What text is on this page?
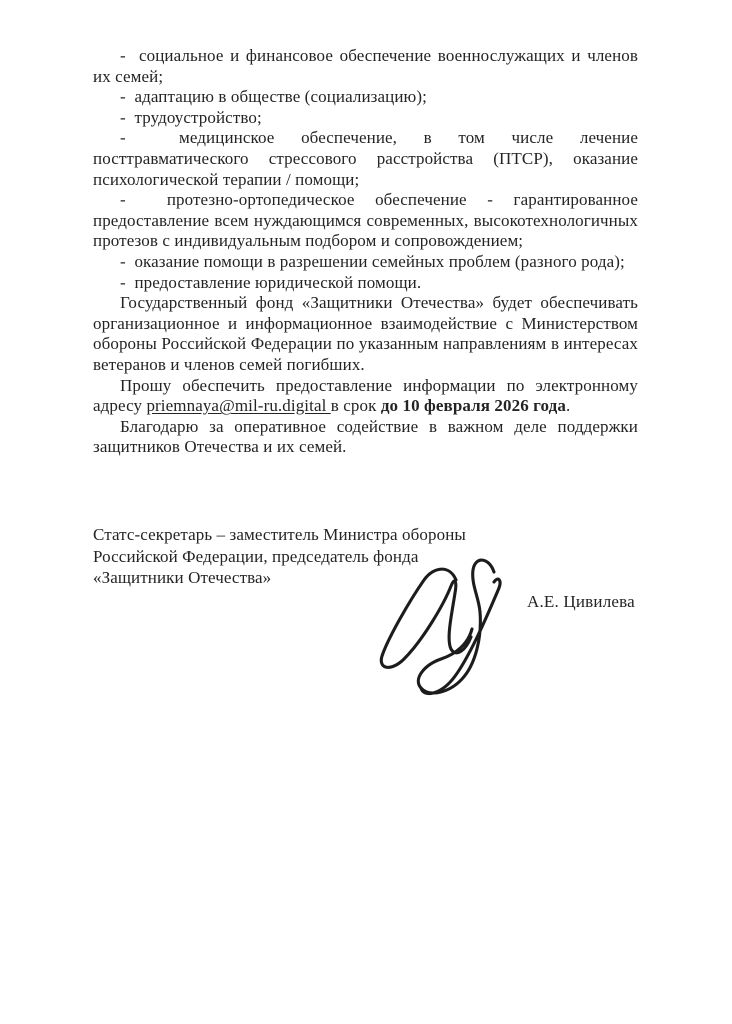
-  социальное и финансовое обеспечение военнослужащих и членов
их семей;
-  адаптацию в обществе (социализацию);
-  трудоустройство;
-  медицинское обеспечение, в том числе лечение
посттравматического стрессового расстройства (ПТСР), оказание
психологической терапии / помощи;
-  протезно-ортопедическое обеспечение - гарантированное
предоставление всем нуждающимся современных, высокотехнологичных
протезов с индивидуальным подбором и сопровождением;
-  оказание помощи в разрешении семейных проблем (разного рода);
-  предоставление юридической помощи.
Государственный фонд «Защитники Отечества» будет обеспечивать
организационное и информационное взаимодействие с Министерством
обороны Российской Федерации по указанным направлениям в интересах
ветеранов и членов семей погибших.
Прошу обеспечить предоставление информации по электронному
адресу priemnaya@mil-ru.digital в срок до 10 февраля 2026 года.
Благодарю за оперативное содействие в важном деле поддержки
защитников Отечества и их семей.
Статс-секретарь – заместитель Министра обороны
Российской Федерации, председатель фонда
«Защитники Отечества»
А.Е. Цивилева
